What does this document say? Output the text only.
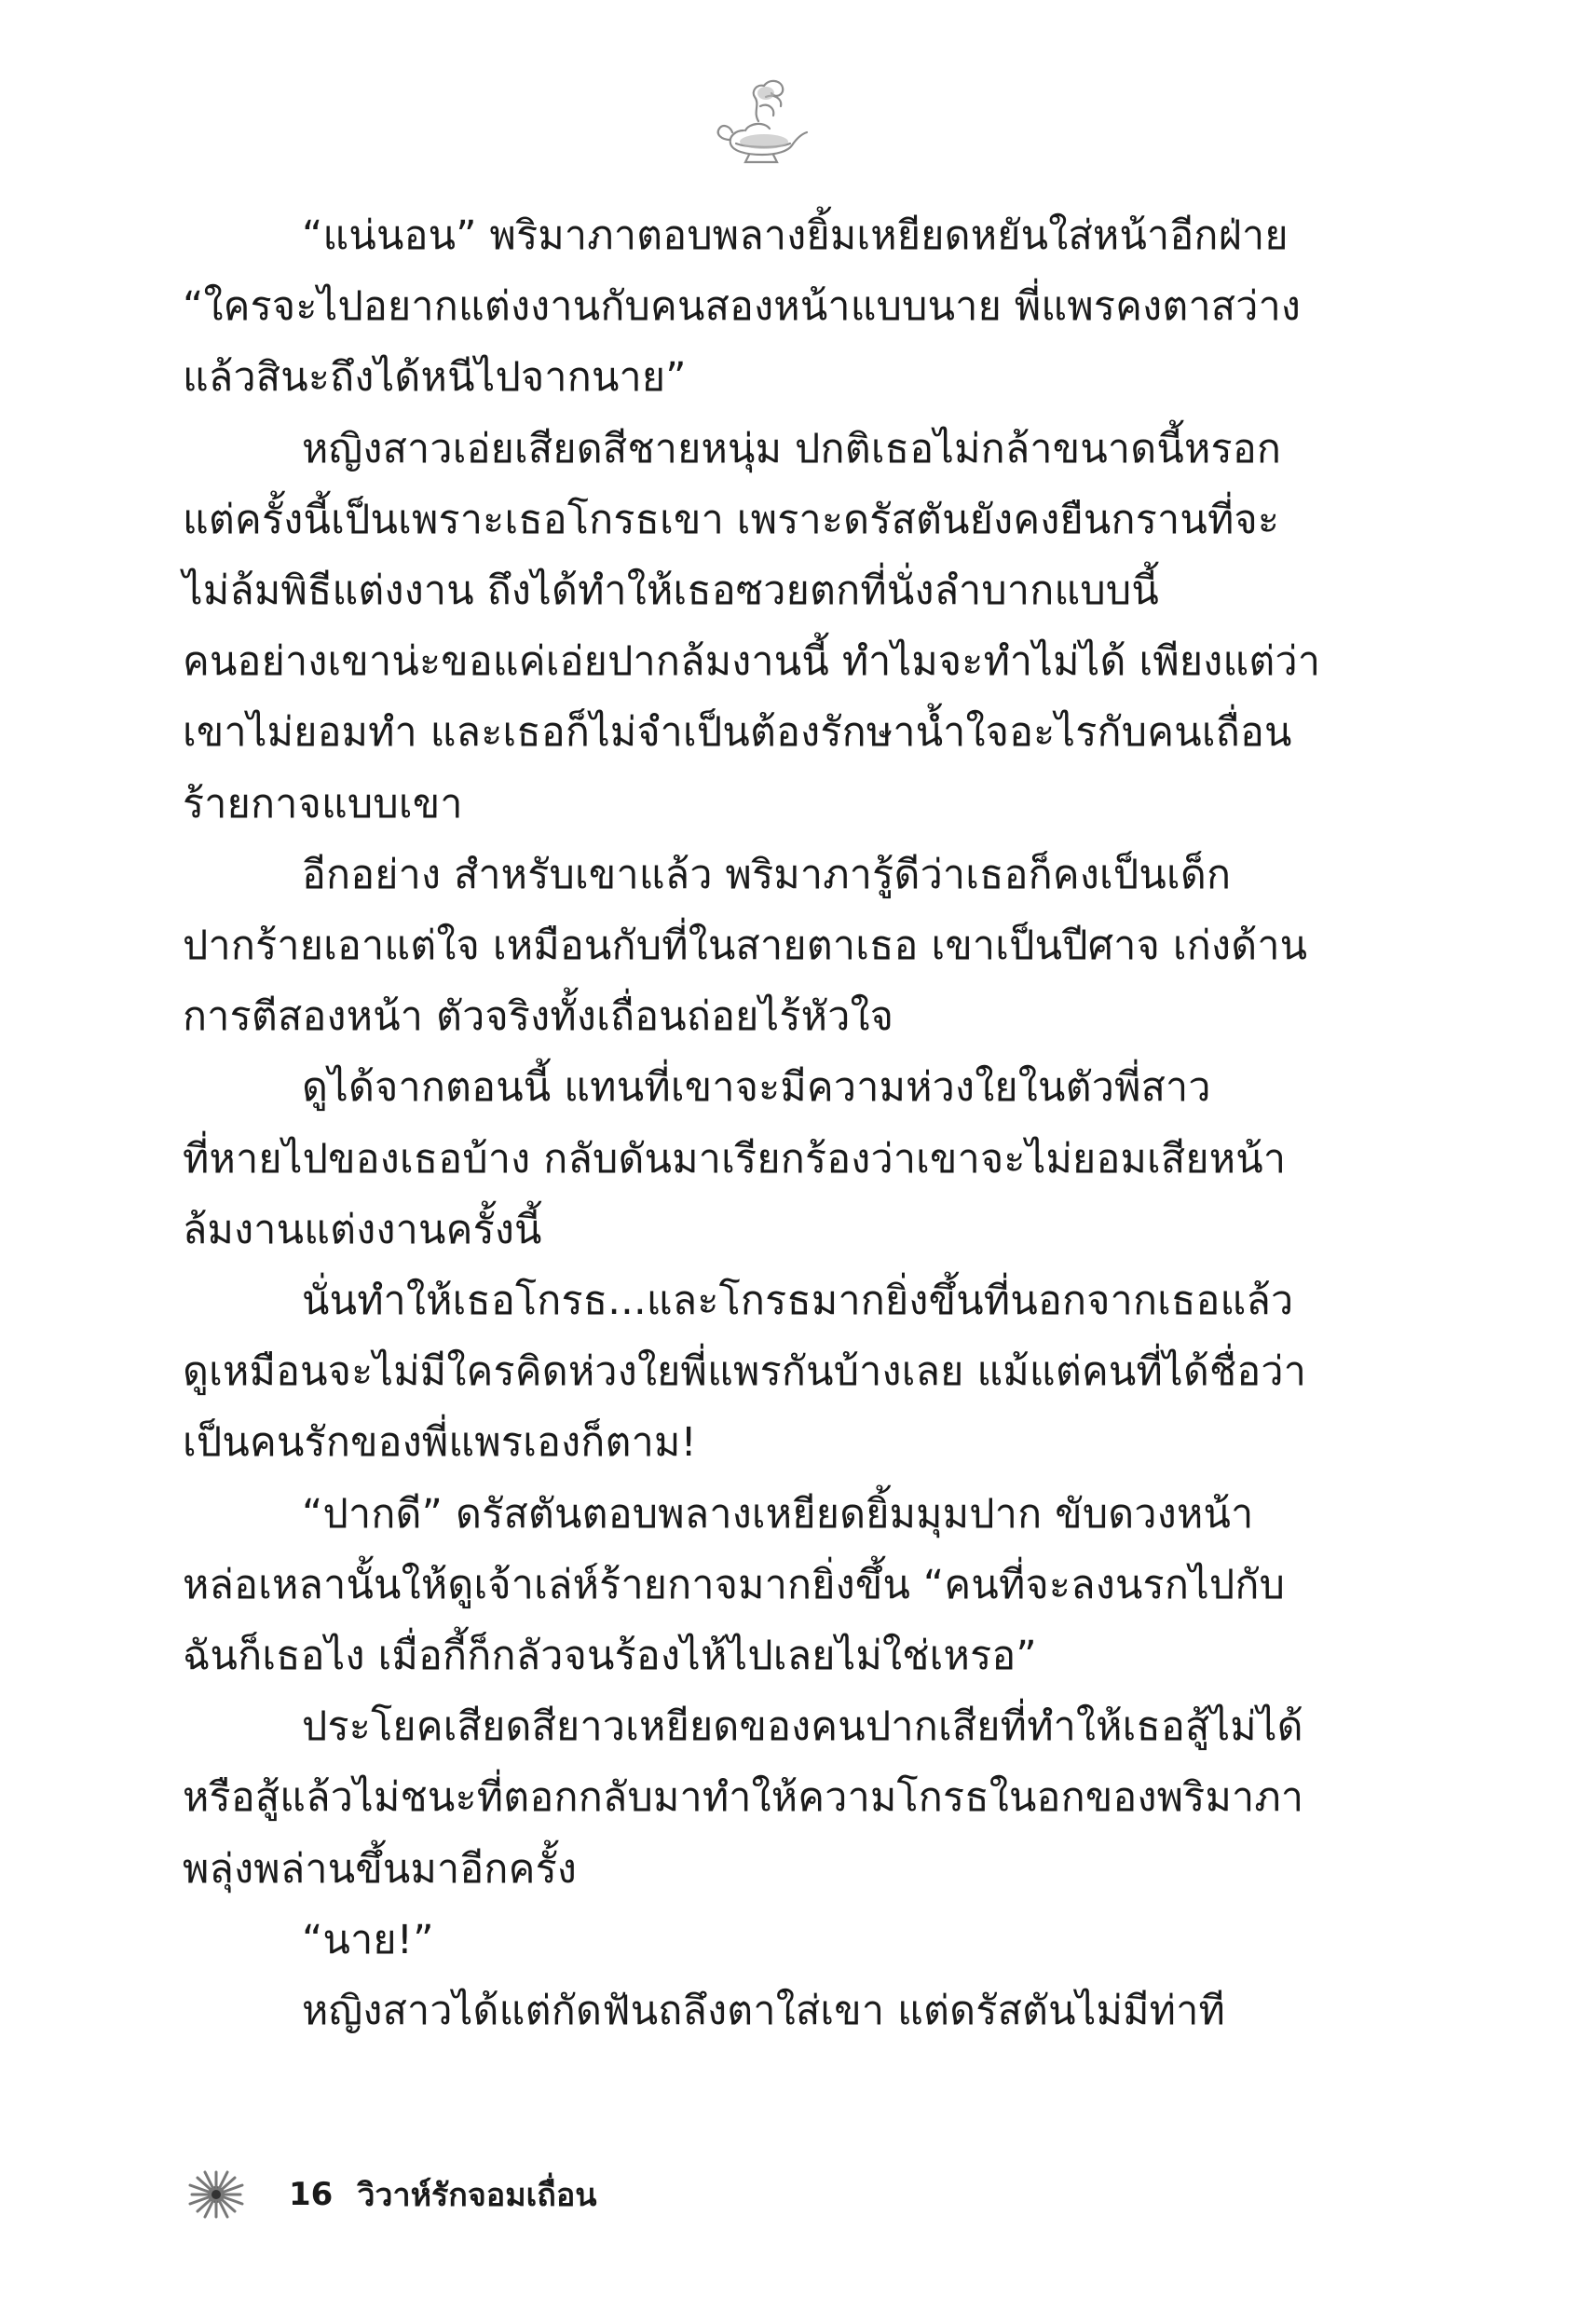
“แน่นอน” พริมาภาตอบพลางยิ้มเหยียดหยันใส่หน้าอีกฝ่าย
“ใครจะไปอยากแต่งงานกับคนสองหน้าแบบนาย พี่แพรคงตาสว่าง
แล้วสินะถึงได้หนีไปจากนาย”

หญิงสาวเอ่ยเสียดสีชายหนุ่ม ปกติเธอไม่กล้าขนาดนี้หรอก
แต่ครั้งนี้เป็นเพราะเธอโกรธเขา เพราะดรัสตันยังคงยืนกรานที่จะ
ไม่ล้มพิธีแต่งงาน ถึงได้ทำให้เธอซวยตกที่นั่งลำบากแบบนี้
คนอย่างเขาน่ะขอแค่เอ่ยปากล้มงานนี้ ทำไมจะทำไม่ได้ เพียงแต่ว่า
เขาไม่ยอมทำ และเธอก็ไม่จำเป็นต้องรักษาน้ำใจอะไรกับคนเถื่อน
ร้ายกาจแบบเขา

อีกอย่าง สำหรับเขาแล้ว พริมาภารู้ดีว่าเธอก็คงเป็นเด็ก
ปากร้ายเอาแต่ใจ เหมือนกับที่ในสายตาเธอ เขาเป็นปีศาจ เก่งด้าน
การตีสองหน้า ตัวจริงทั้งเถื่อนถ่อยไร้หัวใจ

ดูได้จากตอนนี้ แทนที่เขาจะมีความห่วงใยในตัวพี่สาว
ที่หายไปของเธอบ้าง กลับดันมาเรียกร้องว่าเขาจะไม่ยอมเสียหน้า
ล้มงานแต่งงานครั้งนี้

นั่นทำให้เธอโกรธ...และโกรธมากยิ่งขึ้นที่นอกจากเธอแล้ว
ดูเหมือนจะไม่มีใครคิดห่วงใยพี่แพรกันบ้างเลย แม้แต่คนที่ได้ชื่อว่า
เป็นคนรักของพี่แพรเองก็ตาม!

“ปากดี” ดรัสตันตอบพลางเหยียดยิ้มมุมปาก ขับดวงหน้า
หล่อเหลานั้นให้ดูเจ้าเล่ห์ร้ายกาจมากยิ่งขึ้น “คนที่จะลงนรกไปกับ
ฉันก็เธอไง เมื่อกี้ก็กลัวจนร้องไห้ไปเลยไม่ใช่เหรอ”

ประโยคเสียดสียาวเหยียดของคนปากเสียที่ทำให้เธอสู้ไม่ได้
หรือสู้แล้วไม่ชนะที่ตอกกลับมาทำให้ความโกรธในอกของพริมาภา
พลุ่งพล่านขึ้นมาอีกครั้ง

“นาย!”

หญิงสาวได้แต่กัดฟันถลึงตาใส่เขา แต่ดรัสตันไม่มีท่าที

16 วิวาห์รักจอมเถื่อน
